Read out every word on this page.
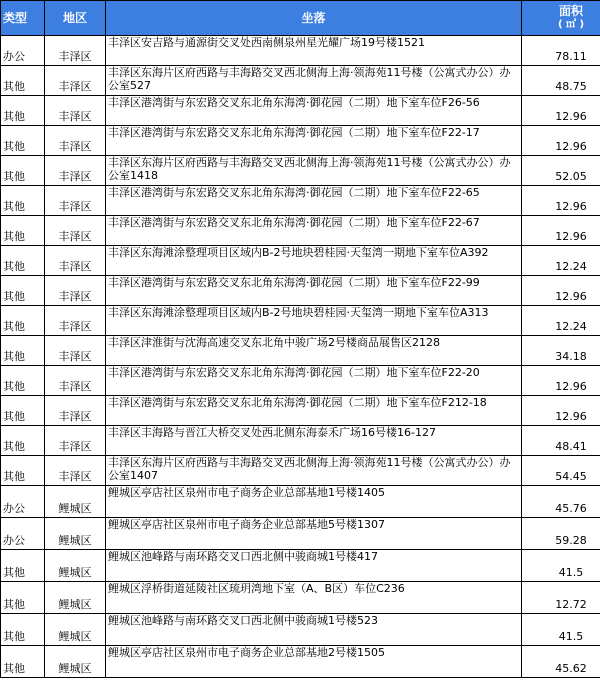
类型	地区	坐落	面积
( ㎡ )

办公	丰泽区	丰泽区安吉路与通源街交叉处西南侧泉州星光耀广场19号楼1521	78.11
其他	丰泽区	丰泽区东海片区府西路与丰海路交叉西北侧海上海·领海苑11号楼（公寓式办公）办公室527	48.75
其他	丰泽区	丰泽区港湾街与东宏路交叉东北角东海湾·御花园（二期）地下室车位F26-56	12.96
其他	丰泽区	丰泽区港湾街与东宏路交叉东北角东海湾·御花园（二期）地下室车位F22-17	12.96
其他	丰泽区	丰泽区东海片区府西路与丰海路交叉西北侧海上海·领海苑11号楼（公寓式办公）办公室1418	52.05
其他	丰泽区	丰泽区港湾街与东宏路交叉东北角东海湾·御花园（二期）地下室车位F22-65	12.96
其他	丰泽区	丰泽区港湾街与东宏路交叉东北角东海湾·御花园（二期）地下室车位F22-67	12.96
其他	丰泽区	丰泽区东海滩涂整理项目区域内B-2号地块碧桂园·天玺湾一期地下室车位A392	12.24
其他	丰泽区	丰泽区港湾街与东宏路交叉东北角东海湾·御花园（二期）地下室车位F22-99	12.96
其他	丰泽区	丰泽区东海滩涂整理项目区域内B-2号地块碧桂园·天玺湾一期地下室车位A313	12.24
其他	丰泽区	丰泽区津淮街与沈海高速交叉东北角中骏广场2号楼商品展售区2128	34.18
其他	丰泽区	丰泽区港湾街与东宏路交叉东北角东海湾·御花园（二期）地下室车位F22-20	12.96
其他	丰泽区	丰泽区港湾街与东宏路交叉东北角东海湾·御花园（二期）地下室车位F212-18	12.96
其他	丰泽区	丰泽区丰海路与晋江大桥交叉处西北侧东海泰禾广场16号楼16-127	48.41
其他	丰泽区	丰泽区东海片区府西路与丰海路交叉西北侧海上海·领海苑11号楼（公寓式办公）办公室1407	54.45
办公	鲤城区	鲤城区亭店社区泉州市电子商务企业总部基地1号楼1405	45.76
办公	鲤城区	鲤城区亭店社区泉州市电子商务企业总部基地5号楼1307	59.28
其他	鲤城区	鲤城区池峰路与南环路交叉口西北侧中骏商城1号楼417	41.5
其他	鲤城区	鲤城区浮桥街道延陵社区琉玥湾地下室（A、B区）车位C236	12.72
其他	鲤城区	鲤城区池峰路与南环路交叉口西北侧中骏商城1号楼523	41.5
其他	鲤城区	鲤城区亭店社区泉州市电子商务企业总部基地2号楼1505	45.62
